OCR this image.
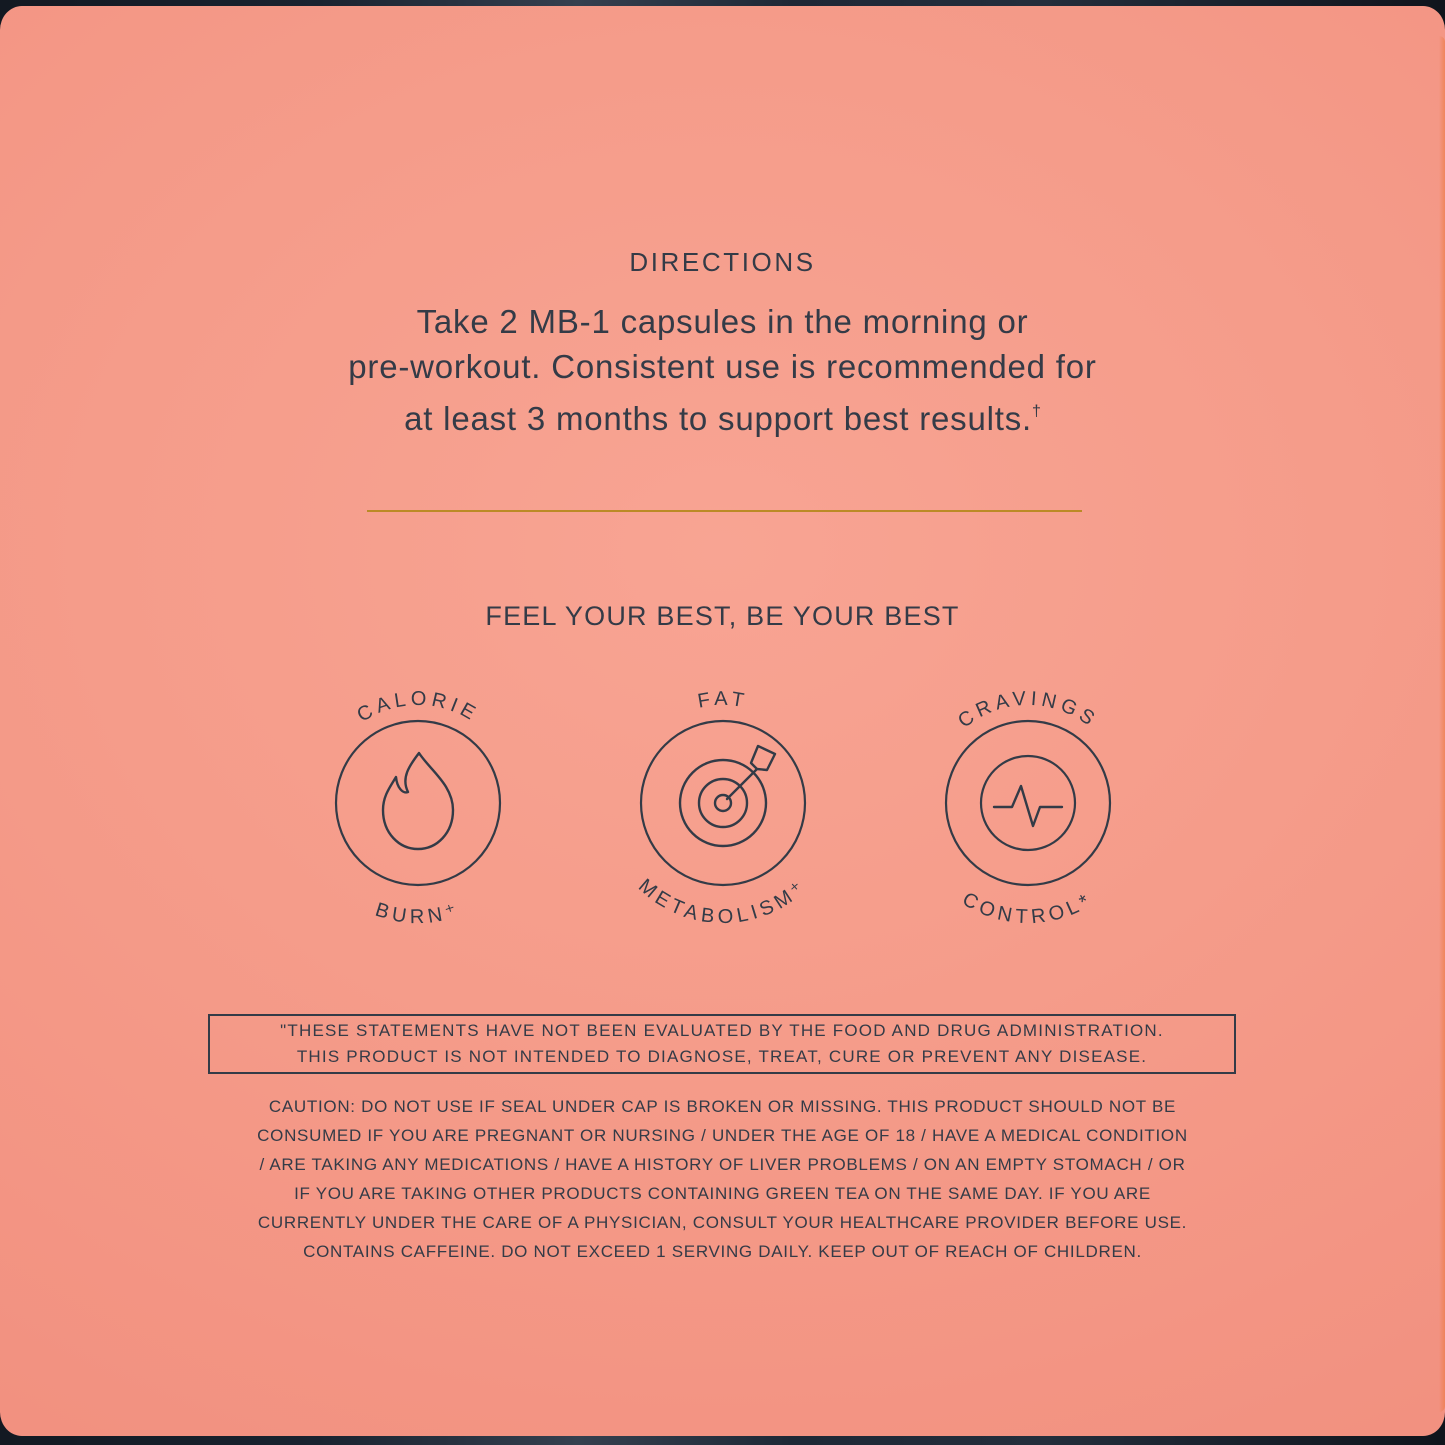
DIRECTIONS
Take 2 MB-1 capsules in the morning or
pre-workout. Consistent use is recommended for
at least 3 months to support best results.†
FEEL YOUR BEST, BE YOUR BEST
CALORIE
BURN⁺
FAT
METABOLISM⁺
CRAVINGS
CONTROL*
"THESE STATEMENTS HAVE NOT BEEN EVALUATED BY THE FOOD AND DRUG ADMINISTRATION.
THIS PRODUCT IS NOT INTENDED TO DIAGNOSE, TREAT, CURE OR PREVENT ANY DISEASE.
CAUTION: DO NOT USE IF SEAL UNDER CAP IS BROKEN OR MISSING. THIS PRODUCT SHOULD NOT BE
CONSUMED IF YOU ARE PREGNANT OR NURSING / UNDER THE AGE OF 18 / HAVE A MEDICAL CONDITION
/ ARE TAKING ANY MEDICATIONS / HAVE A HISTORY OF LIVER PROBLEMS / ON AN EMPTY STOMACH / OR
IF YOU ARE TAKING OTHER PRODUCTS CONTAINING GREEN TEA ON THE SAME DAY. IF YOU ARE
CURRENTLY UNDER THE CARE OF A PHYSICIAN, CONSULT YOUR HEALTHCARE PROVIDER BEFORE USE.
CONTAINS CAFFEINE. DO NOT EXCEED 1 SERVING DAILY. KEEP OUT OF REACH OF CHILDREN.
